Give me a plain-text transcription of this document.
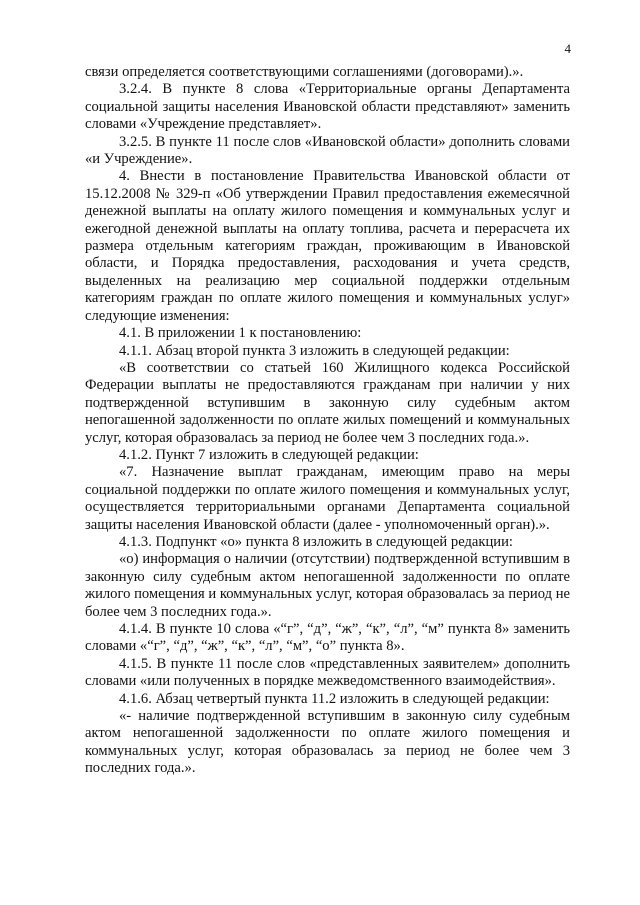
4

связи определяется соответствующими соглашениями (договорами).».

3.2.4. В пункте 8 слова «Территориальные органы Департамента социальной защиты населения Ивановской области представляют» заменить словами «Учреждение представляет».

3.2.5. В пункте 11 после слов «Ивановской области» дополнить словами «и Учреждение».

4. Внести в постановление Правительства Ивановской области от 15.12.2008 № 329-п «Об утверждении Правил предоставления ежемесячной денежной выплаты на оплату жилого помещения и коммунальных услуг и ежегодной денежной выплаты на оплату топлива, расчета и перерасчета их размера отдельным категориям граждан, проживающим в Ивановской области, и Порядка предоставления, расходования и учета средств, выделенных на реализацию мер социальной поддержки отдельным категориям граждан по оплате жилого помещения и коммунальных услуг» следующие изменения:

4.1. В приложении 1 к постановлению:

4.1.1. Абзац второй пункта 3 изложить в следующей редакции:

«В соответствии со статьей 160 Жилищного кодекса Российской Федерации выплаты не предоставляются гражданам при наличии у них подтвержденной вступившим в законную силу судебным актом непогашенной задолженности по оплате жилых помещений и коммунальных услуг, которая образовалась за период не более чем 3 последних года.».

4.1.2. Пункт 7 изложить в следующей редакции:

«7. Назначение выплат гражданам, имеющим право на меры социальной поддержки по оплате жилого помещения и коммунальных услуг, осуществляется территориальными органами Департамента социальной защиты населения Ивановской области (далее - уполномоченный орган).».

4.1.3. Подпункт «о» пункта 8 изложить в следующей редакции:

«о) информация о наличии (отсутствии) подтвержденной вступившим в законную силу судебным актом непогашенной задолженности по оплате жилого помещения и коммунальных услуг, которая образовалась за период не более чем 3 последних года.».

4.1.4. В пункте 10 слова «“г”, “д”, “ж”, “к”, “л”, “м” пункта 8» заменить словами «“г”, “д”, “ж”, “к”, “л”, “м”, “о” пункта 8».

4.1.5. В пункте 11 после слов «представленных заявителем» дополнить словами «или полученных в порядке межведомственного взаимодействия».

4.1.6. Абзац четвертый пункта 11.2 изложить в следующей редакции:

«- наличие подтвержденной вступившим в законную силу судебным актом непогашенной задолженности по оплате жилого помещения и коммунальных услуг, которая образовалась за период не более чем 3 последних года.».
